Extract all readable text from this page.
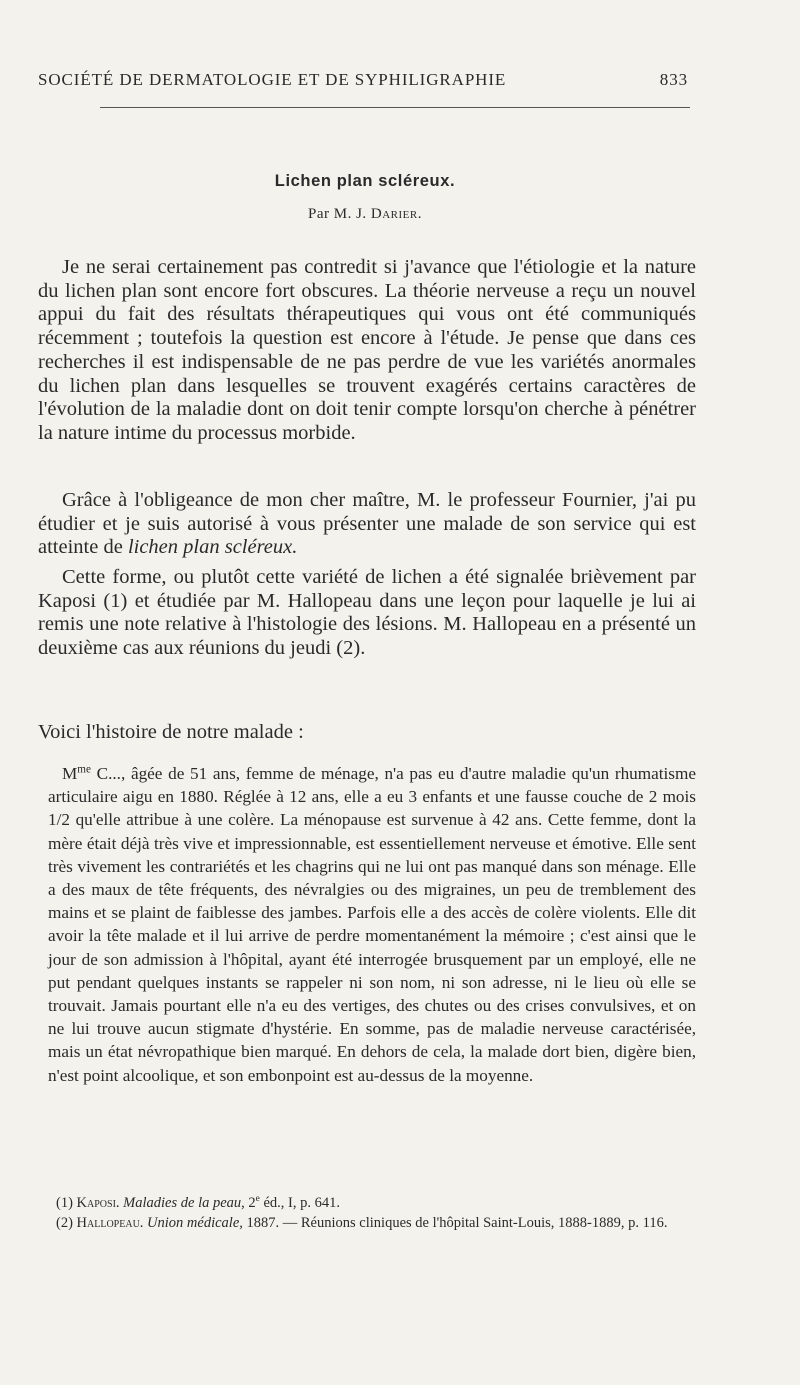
SOCIÉTÉ DE DERMATOLOGIE ET DE SYPHILIGRAPHIE	833
Lichen plan scléreux.
Par M. J. Darier.

Je ne serai certainement pas contredit si j'avance que l'étiologie et la nature du lichen plan sont encore fort obscures. La théorie nerveuse a reçu un nouvel appui du fait des résultats thérapeutiques qui vous ont été communiqués récemment ; toutefois la question est encore à l'étude. Je pense que dans ces recherches il est indispensable de ne pas perdre de vue les variétés anormales du lichen plan dans lesquelles se trouvent exagérés certains caractères de l'évolution de la maladie dont on doit tenir compte lorsqu'on cherche à pénétrer la nature intime du processus morbide.

Grâce à l'obligeance de mon cher maître, M. le professeur Fournier, j'ai pu étudier et je suis autorisé à vous présenter une malade de son service qui est atteinte de lichen plan scléreux.

Cette forme, ou plutôt cette variété de lichen a été signalée brièvement par Kaposi (1) et étudiée par M. Hallopeau dans une leçon pour laquelle je lui ai remis une note relative à l'histologie des lésions. M. Hallopeau en a présenté un deuxième cas aux réunions du jeudi (2).

Voici l'histoire de notre malade :

$M^{me}$ C..., âgée de 51 ans, femme de ménage, n'a pas eu d'autre maladie qu'un rhumatisme articulaire aigu en 1880. Réglée à 12 ans, elle a eu 3 enfants et une fausse couche de 2 mois 1/2 qu'elle attribue à une colère. La ménopause est survenue à 42 ans. Cette femme, dont la mère était déjà très vive et impressionnable, est essentiellement nerveuse et émotive. Elle sent très vivement les contrariétés et les chagrins qui ne lui ont pas manqué dans son ménage. Elle a des maux de tête fréquents, des névralgies ou des migraines, un peu de tremblement des mains et se plaint de faiblesse des jambes. Parfois elle a des accès de colère violents. Elle dit avoir la tête malade et il lui arrive de perdre momentanément la mémoire ; c'est ainsi que le jour de son admission à l'hôpital, ayant été interrogée brusquement par un employé, elle ne put pendant quelques instants se rappeler ni son nom, ni son adresse, ni le lieu où elle se trouvait. Jamais pourtant elle n'a eu des vertiges, des chutes ou des crises convulsives, et on ne lui trouve aucun stigmate d'hystérie. En somme, pas de maladie nerveuse caractérisée, mais un état névropathique bien marqué. En dehors de cela, la malade dort bien, digère bien, n'est point alcoolique, et son embonpoint est au-dessus de la moyenne.

(1) Kaposi. Maladies de la peau, 2e éd., I, p. 641.

(2) Hallopeau. Union médicale, 1887. — Réunions cliniques de l'hôpital Saint-Louis, 1888-1889, p. 116.
